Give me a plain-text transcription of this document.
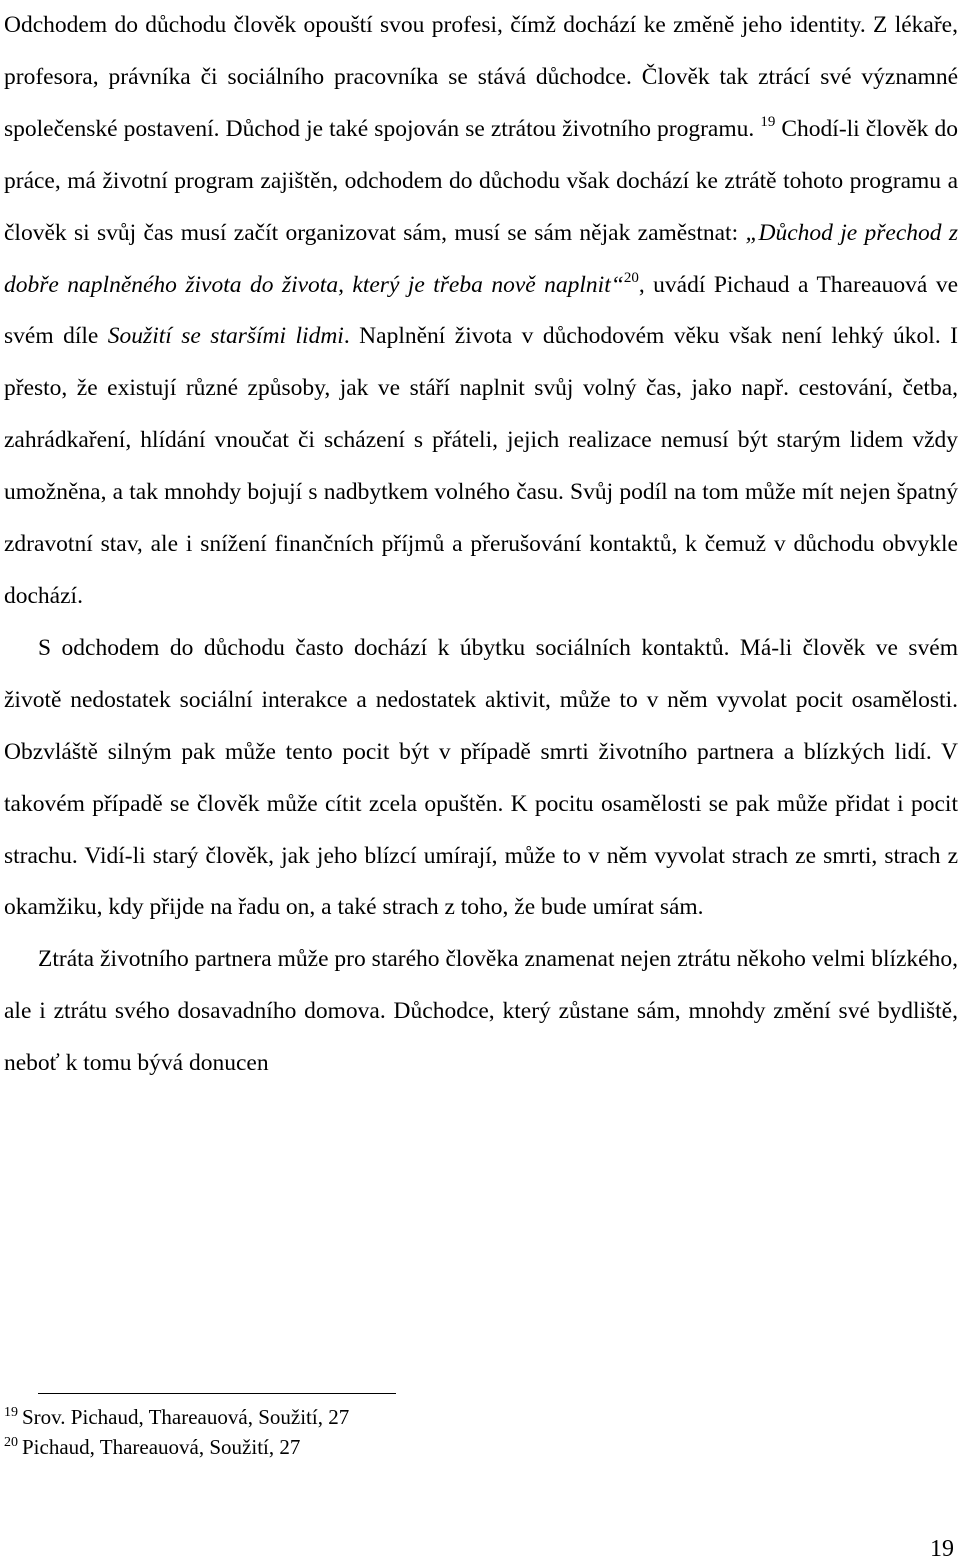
Odchodem do důchodu člověk opouští svou profesi, čímž dochází ke změně jeho identity. Z lékaře, profesora, právníka či sociálního pracovníka se stává důchodce. Člověk tak ztrácí své významné společenské postavení. Důchod je také spojován se ztrátou životního programu. $^{19}$ Chodí-li člověk do práce, má životní program zajištěn, odchodem do důchodu však dochází ke ztrátě tohoto programu a člověk si svůj čas musí začít organizovat sám, musí se sám nějak zaměstnat: „Důchod je přechod z dobře naplněného života do života, který je třeba nově naplnit“$^{20}$, uvádí Pichaud a Thareauová ve svém díle Soužití se staršími lidmi. Naplnění života v důchodovém věku však není lehký úkol. I přesto, že existují různé způsoby, jak ve stáří naplnit svůj volný čas, jako např. cestování, četba, zahrádkaření, hlídání vnoučat či scházení s přáteli, jejich realizace nemusí být starým lidem vždy umožněna, a tak mnohdy bojují s nadbytkem volného času. Svůj podíl na tom může mít nejen špatný zdravotní stav, ale i snížení finančních příjmů a přerušování kontaktů, k čemuž v důchodu obvykle dochází.

S odchodem do důchodu často dochází k úbytku sociálních kontaktů. Má-li člověk ve svém životě nedostatek sociální interakce a nedostatek aktivit, může to v něm vyvolat pocit osamělosti. Obzvláště silným pak může tento pocit být v případě smrti životního partnera a blízkých lidí. V takovém případě se člověk může cítit zcela opuštěn. K pocitu osamělosti se pak může přidat i pocit strachu. Vidí-li starý člověk, jak jeho blízcí umírají, může to v něm vyvolat strach ze smrti, strach z okamžiku, kdy přijde na řadu on, a také strach z toho, že bude umírat sám.

Ztráta životního partnera může pro starého člověka znamenat nejen ztrátu někoho velmi blízkého, ale i ztrátu svého dosavadního domova. Důchodce, který zůstane sám, mnohdy změní své bydliště, neboť k tomu bývá donucen

$^{19}$ Srov. Pichaud, Thareauová, Soužití, 27
$^{20}$ Pichaud, Thareauová, Soužití, 27
19
